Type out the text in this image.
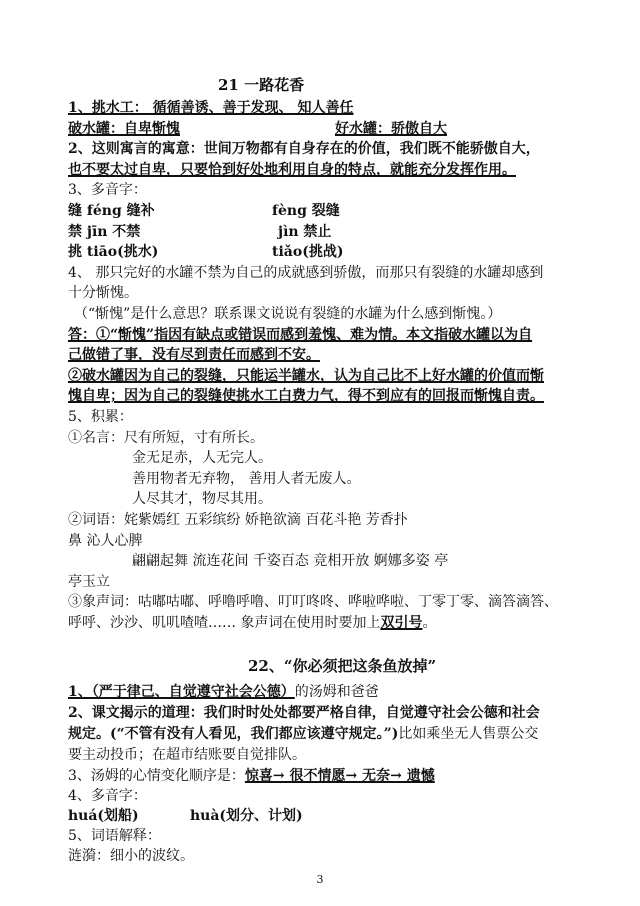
21 一路花香
1、挑水工： 循循善诱、善于发现、 知人善任
破水罐：自卑惭愧	好水罐：骄傲自大
2、这则寓言的寓意：世间万物都有自身存在的价值，我们既不能骄傲自大，
也不要太过自卑，只要恰到好处地利用自身的特点，就能充分发挥作用。
3、多音字：
缝 féng 缝补	fèng 裂缝
禁 jīn 不禁	jìn 禁止
挑 tiāo(挑水)	tiǎo(挑战)
4、 那只完好的水罐不禁为自己的成就感到骄傲，而那只有裂缝的水罐却感到
十分惭愧。
（“惭愧”是什么意思？联系课文说说有裂缝的水罐为什么感到惭愧。）
答：①“惭愧”指因有缺点或错误而感到羞愧、难为情。本文指破水罐以为自
己做错了事，没有尽到责任而感到不安。
②破水罐因为自己的裂缝，只能运半罐水，认为自己比不上好水罐的价值而惭
愧自卑；因为自己的裂缝使挑水工白费力气，得不到应有的回报而惭愧自责。
5、积累：
①名言：尺有所短，寸有所长。
金无足赤，人无完人。
善用物者无弃物， 善用人者无废人。
人尽其才，物尽其用。
②词语：姹紫嫣红 五彩缤纷 娇艳欲滴 百花斗艳 芳香扑
鼻 沁人心脾
翩翩起舞 流连花间 千姿百态 竞相开放 婀娜多姿 亭
亭玉立
③象声词：咕嘟咕嘟、呼噜呼噜、叮叮咚咚、哗啦哗啦、丁零丁零、滴答滴答、
呼呼、沙沙、叽叽喳喳…… 象声词在使用时要加上双引号。
22、“你必须把这条鱼放掉”
1、（严于律己、自觉遵守社会公德）的汤姆和爸爸
2、课文揭示的道理：我们时时处处都要严格自律，自觉遵守社会公德和社会
规定。(“不管有没有人看见，我们都应该遵守规定。”)比如乘坐无人售票公交
要主动投币；在超市结账要自觉排队。
3、汤姆的心情变化顺序是：惊喜→ 很不情愿→ 无奈→ 遗憾
4、多音字：
huá(划船)	huà(划分、计划)
5、词语解释：
涟漪：细小的波纹。
3
